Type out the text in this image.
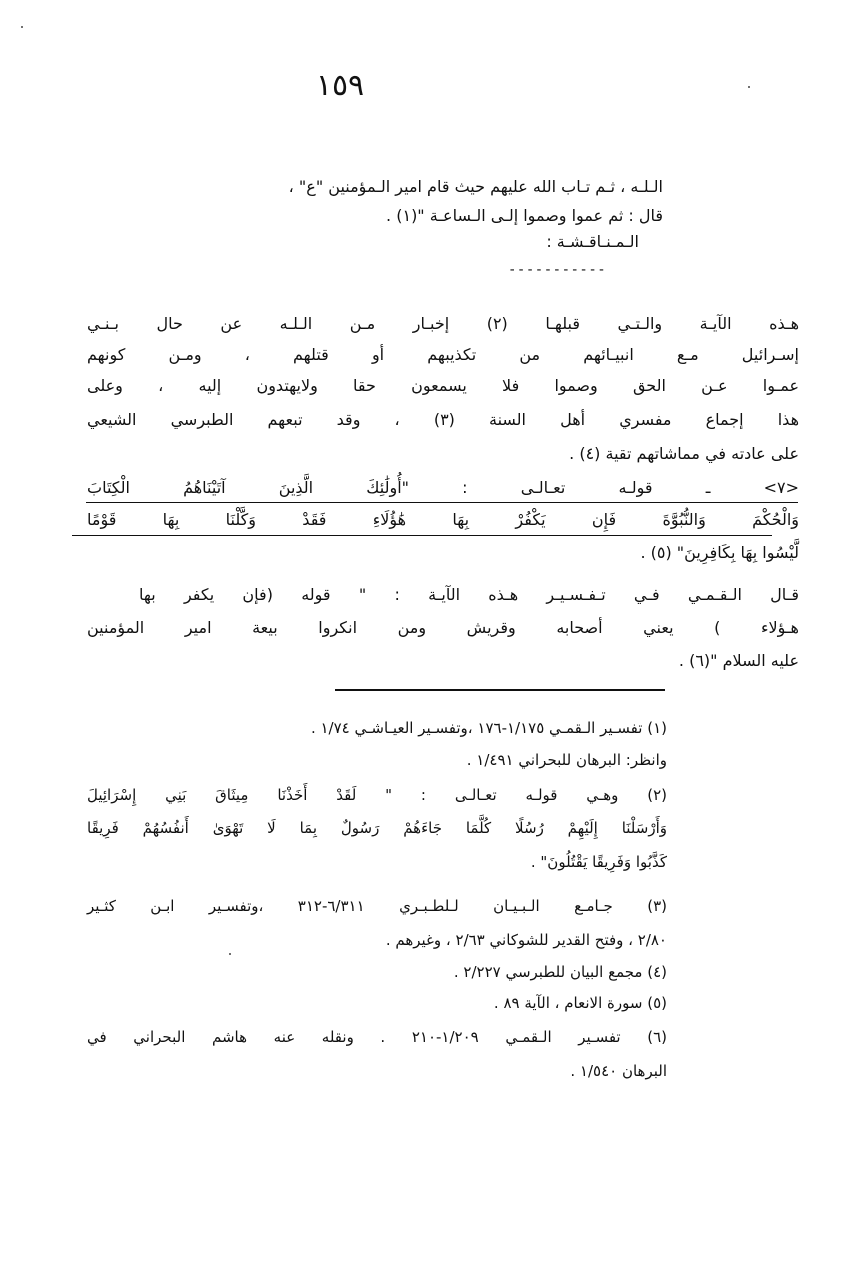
١٥٩
الـلـه ، ثـم تـاب الله عليهم حيث قام امير الـمؤمنين "ع" ،
قال : ثم عموا وصموا إلـى الـساعـة "(١) .
الـمـنـاقـشـة :
-----------
هـذه الآيـة والـتـي قبلهـا (٢) إخبـار مـن الـلـه عن حال بـنـي
إسـرائيل مـع انبيـائهم من تكذيبهم أو قتلهم ، ومـن كونهم
عمـوا عـن الحق وصموا فلا يسمعون حقا ولايهتدون إليه ، وعلى
هذا إجماع مفسري أهل السنة (٣) ، وقد تبعهم الطبرسي الشيعي
على عادته في مماشاتهم تقية (٤) .
<٧> ـ قولـه تعـالـى : "أُولَٰئِكَ الَّذِينَ آتَيْنَاهُمُ الْكِتَابَ
وَالْحُكْمَ وَالنُّبُوَّةَ فَإِن يَكْفُرْ بِهَا هَٰؤُلَاءِ فَقَدْ وَكَّلْنَا بِهَا قَوْمًا
لَّيْسُوا بِهَا بِكَافِرِينَ" (٥) .
قـال الـقـمـي فـي تـفـسـيـر هـذه الآيـة : " قوله (فإن يكفر بها
هـؤلاء ) يعني أصحابه وقريش ومن انكروا بيعة امير المؤمنين
عليه السلام "(٦) .
(١) تفسـير الـقمـي ١/١٧٥-١٧٦ ،وتفسـير العيـاشـي ١/٧٤ .
وانظر: البرهان للبحراني ١/٤٩١ .
(٢) وهـي قولـه تعـالـى : " لَقَدْ أَخَذْنَا مِيثَاقَ بَنِي إِسْرَائِيلَ
وَأَرْسَلْنَا إِلَيْهِمْ رُسُلًا كُلَّمَا جَاءَهُمْ رَسُولٌ بِمَا لَا تَهْوَىٰ أَنفُسُهُمْ فَرِيقًا
كَذَّبُوا وَفَرِيقًا يَقْتُلُونَ" .
(٣) جـامـع الـبـيـان لـلطـبـري ٦/٣١١-٣١٢ ،وتفسـير ابـن كثـير
٢/٨٠ ، وفتح القدير للشوكاني ٢/٦٣ ، وغيرهم .
(٤) مجمع البيان للطبرسي ٢/٢٢٧ .
(٥) سورة الانعام ، الآية ٨٩ .
(٦) تفسـير الـقمـي ١/٢٠٩-٢١٠ . ونقله عنه هاشم البحراني في
البرهان ١/٥٤٠ .
